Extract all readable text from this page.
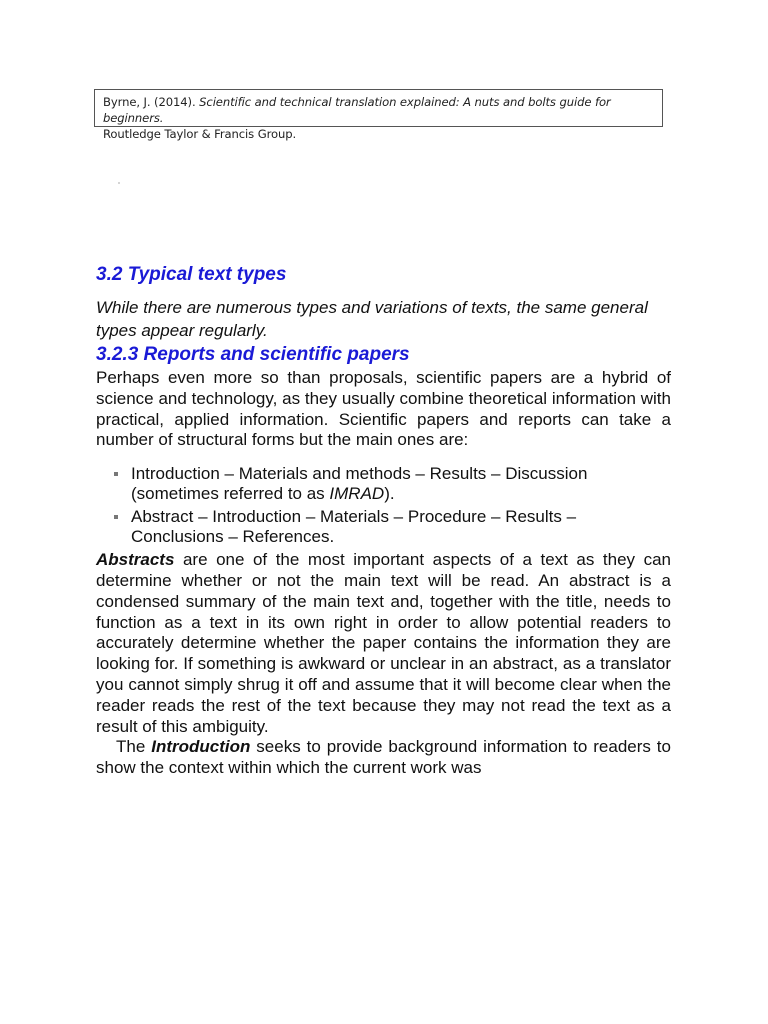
Byrne, J. (2014). Scientific and technical translation explained: A nuts and bolts guide for beginners.
Routledge Taylor & Francis Group.
3.2 Typical text types

While there are numerous types and variations of texts, the same general types appear regularly.

3.2.3 Reports and scientific papers

Perhaps even more so than proposals, scientific papers are a hybrid of science and technology, as they usually combine theoretical information with practical, applied information. Scientific papers and reports can take a number of structural forms but the main ones are:

Introduction – Materials and methods – Results – Discussion (sometimes referred to as IMRAD).
Abstract – Introduction – Materials – Procedure – Results – Conclusions – References.

Abstracts are one of the most important aspects of a text as they can determine whether or not the main text will be read. An abstract is a condensed summary of the main text and, together with the title, needs to function as a text in its own right in order to allow potential readers to accurately determine whether the paper contains the information they are looking for. If something is awkward or unclear in an abstract, as a translator you cannot simply shrug it off and assume that it will become clear when the reader reads the rest of the text because they may not read the text as a result of this ambiguity.

The Introduction seeks to provide background information to readers to show the context within which the current work was
